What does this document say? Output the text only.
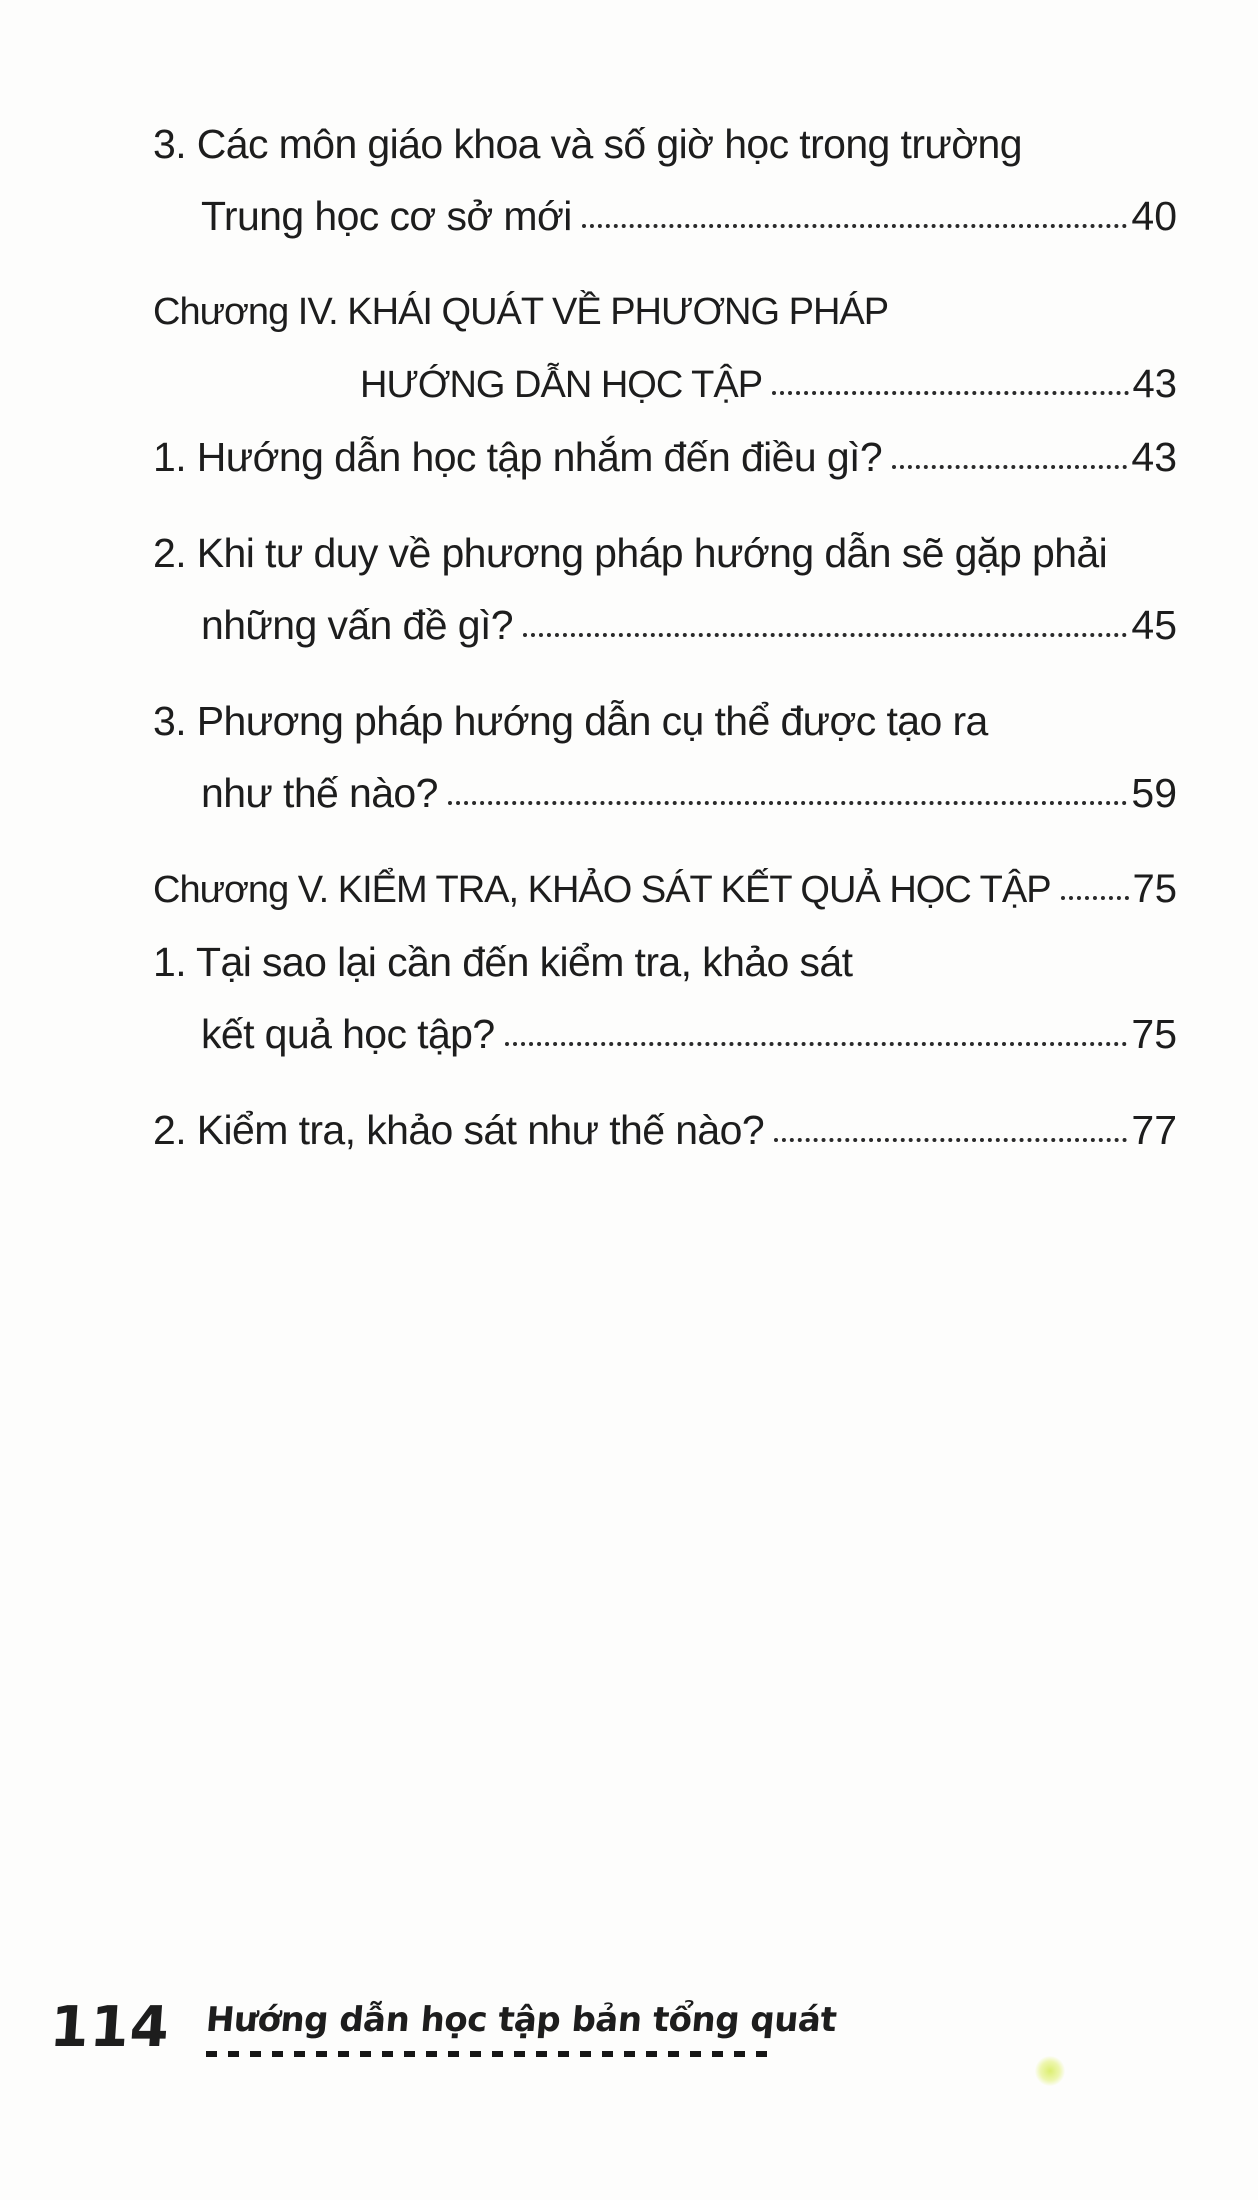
3. Các môn giáo khoa và số giờ học trong trường
Trung học cơ sở mới	40
Chương IV. KHÁI QUÁT VỀ PHƯƠNG PHÁP
HƯỚNG DẪN HỌC TẬP	43
1. Hướng dẫn học tập nhắm đến điều gì?	43
2. Khi tư duy về phương pháp hướng dẫn sẽ gặp phải
những vấn đề gì?	45
3. Phương pháp hướng dẫn cụ thể được tạo ra
như thế nào?	59
Chương V. KIỂM TRA, KHẢO SÁT KẾT QUẢ HỌC TẬP 75
1. Tại sao lại cần đến kiểm tra, khảo sát
kết quả học tập?	75
2. Kiểm tra, khảo sát như thế nào?	77
114 Hướng dẫn học tập bản tổng quát
